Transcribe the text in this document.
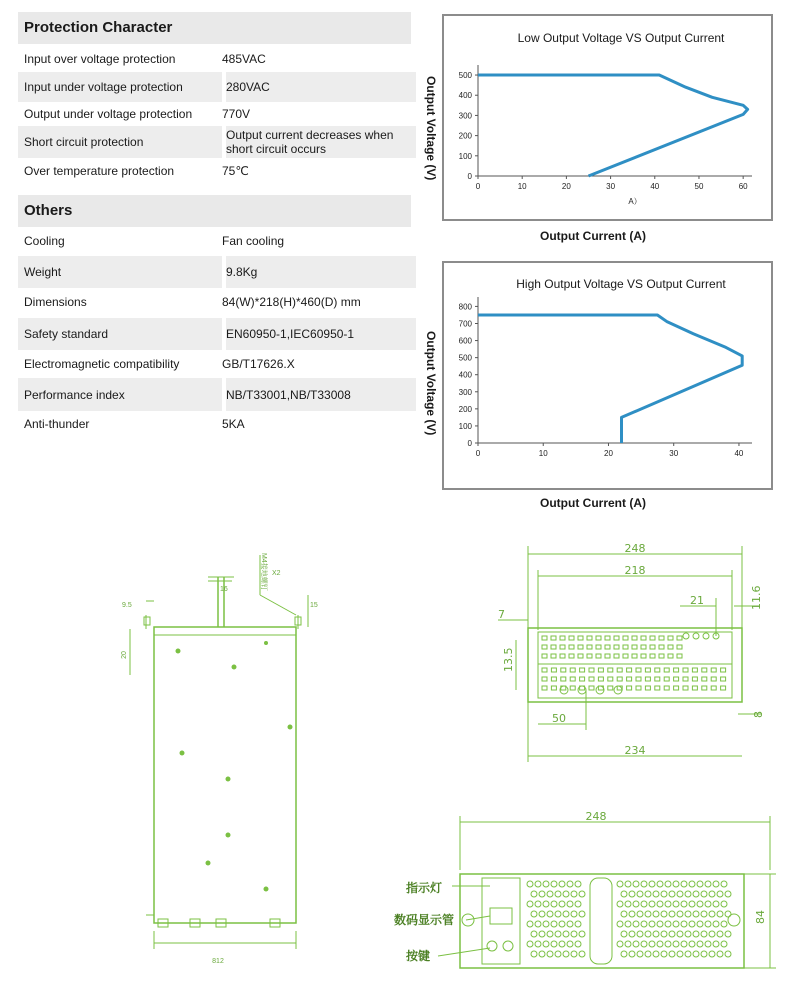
Protection Character
Input over voltage protection	485VAC
Input under voltage protection	280VAC
Output under voltage protection	770V
Short circuit protection	Output current decreases when short circuit occurs
Over temperature protection	75℃
Others
Cooling	Fan cooling
Weight	9.8Kg
Dimensions	84(W)*218(H)*460(D) mm
Safety standard	EN60950-1,IEC60950-1
Electromagnetic compatibility	GB/T17626.X
Performance index	NB/T33001,NB/T33008
Anti-thunder	5KA
Low Output Voltage VS Output Current
0
100
200
300
400
500
0	10	20	30	40	50	60
A）
Output Voltage (V)
Output Current (A)
High Output Voltage VS Output Current
0
100
200
300
400
500
600
700
800
0	10	20	30	40
Output Voltage (V)
Output Current (A)
812
20
9.5
16
15
M4接地螺钉 X2
248
218
21
7
11.6
13.5
50	8
234
248
84
指示灯
数码显示管
按键
